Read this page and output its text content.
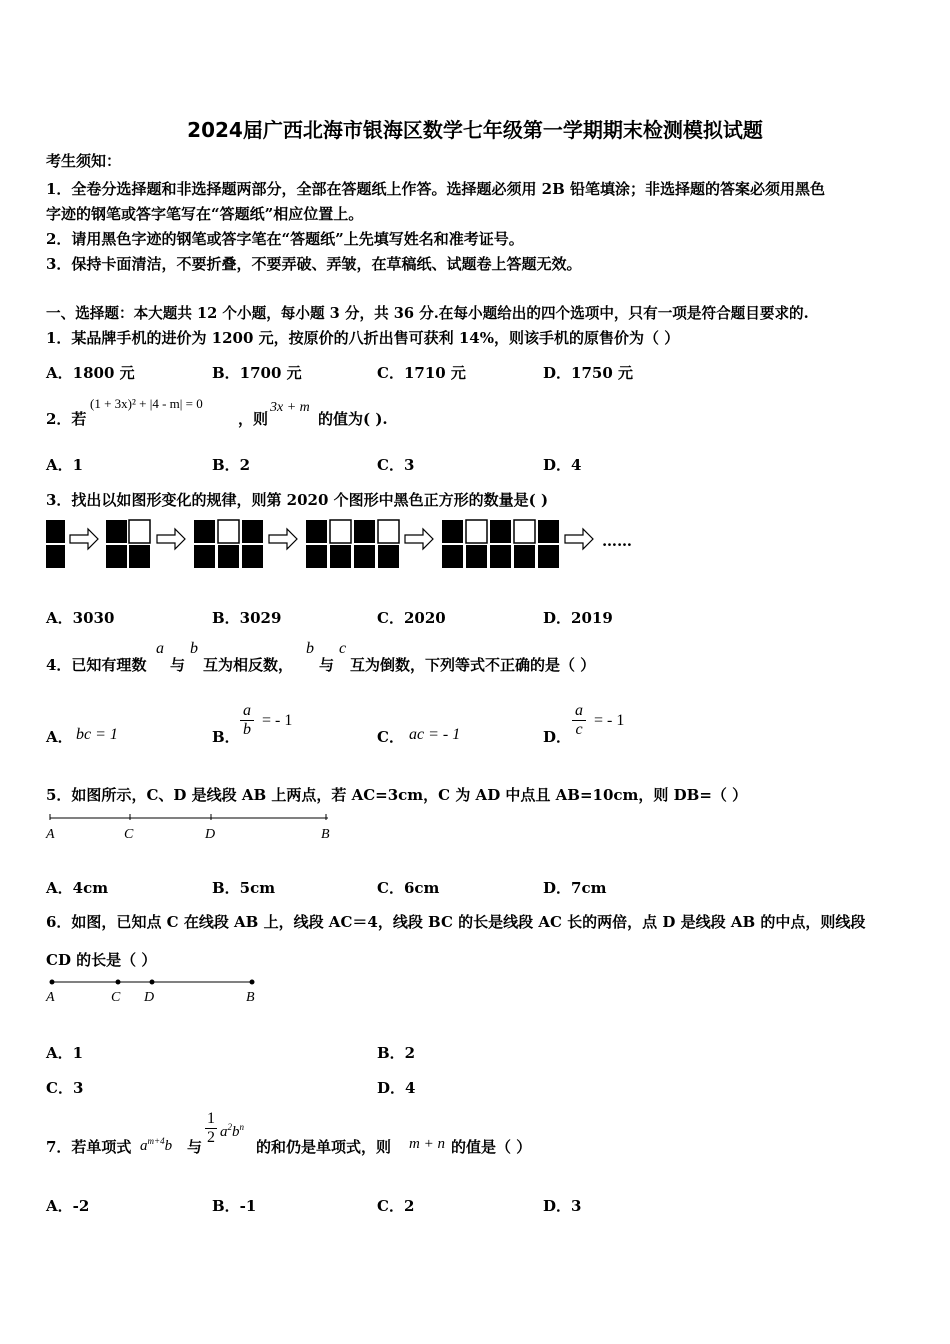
2024届广西北海市银海区数学七年级第一学期期末检测模拟试题
考生须知：
1．全卷分选择题和非选择题两部分，全部在答题纸上作答。选择题必须用 2B 铅笔填涂；非选择题的答案必须用黑色
字迹的钢笔或答字笔写在“答题纸”相应位置上。
2．请用黑色字迹的钢笔或答字笔在“答题纸”上先填写姓名和准考证号。
3．保持卡面清洁，不要折叠，不要弄破、弄皱，在草稿纸、试题卷上答题无效。
一、选择题：本大题共 12 个小题，每小题 3 分，共 36 分.在每小题给出的四个选项中，只有一项是符合题目要求的.
1．某品牌手机的进价为 1200 元，按原价的八折出售可获利 14%，则该手机的原售价为（ ）
A．1800 元	B．1700 元	C．1710 元	D．1750 元
2．若
(1 + 3x)² + |4 - m| = 0
，则
3x + m
的值为( ).
A．1	B．2	C．3	D．4
3．找出以如图形变化的规律，则第 2020 个图形中黑色正方形的数量是( )
……
A．3030	B．3029	C．2020	D．2019
4．已知有理数
a
与
b
互为相反数，
b
与
c
互为倒数，下列等式不正确的是（ ）
A． bc = 1	B． $\frac{a}{b}$ = - 1
C． ac = - 1	D． $\frac{a}{c}$ = - 1
5．如图所示，C、D 是线段 AB 上两点，若 AC=3cm，C 为 AD 中点且 AB=10cm，则 DB=（ ）
A	C	D	B
A．4cm	B．5cm	C．6cm	D．7cm
6．如图，已知点 C 在线段 AB 上，线段 AC＝4，线段 BC 的长是线段 AC 长的两倍，点 D 是线段 AB 的中点，则线段
CD 的长是（ ）
A	C D	B
A．1	B．2
C．3	D．4
7．若单项式 $a^{m+4}b$ 与 $\frac{1}{2} a^2b^n$
的和仍是单项式，则 m + n 的值是（ ）
A．-2	B．-1	C．2	D．3
